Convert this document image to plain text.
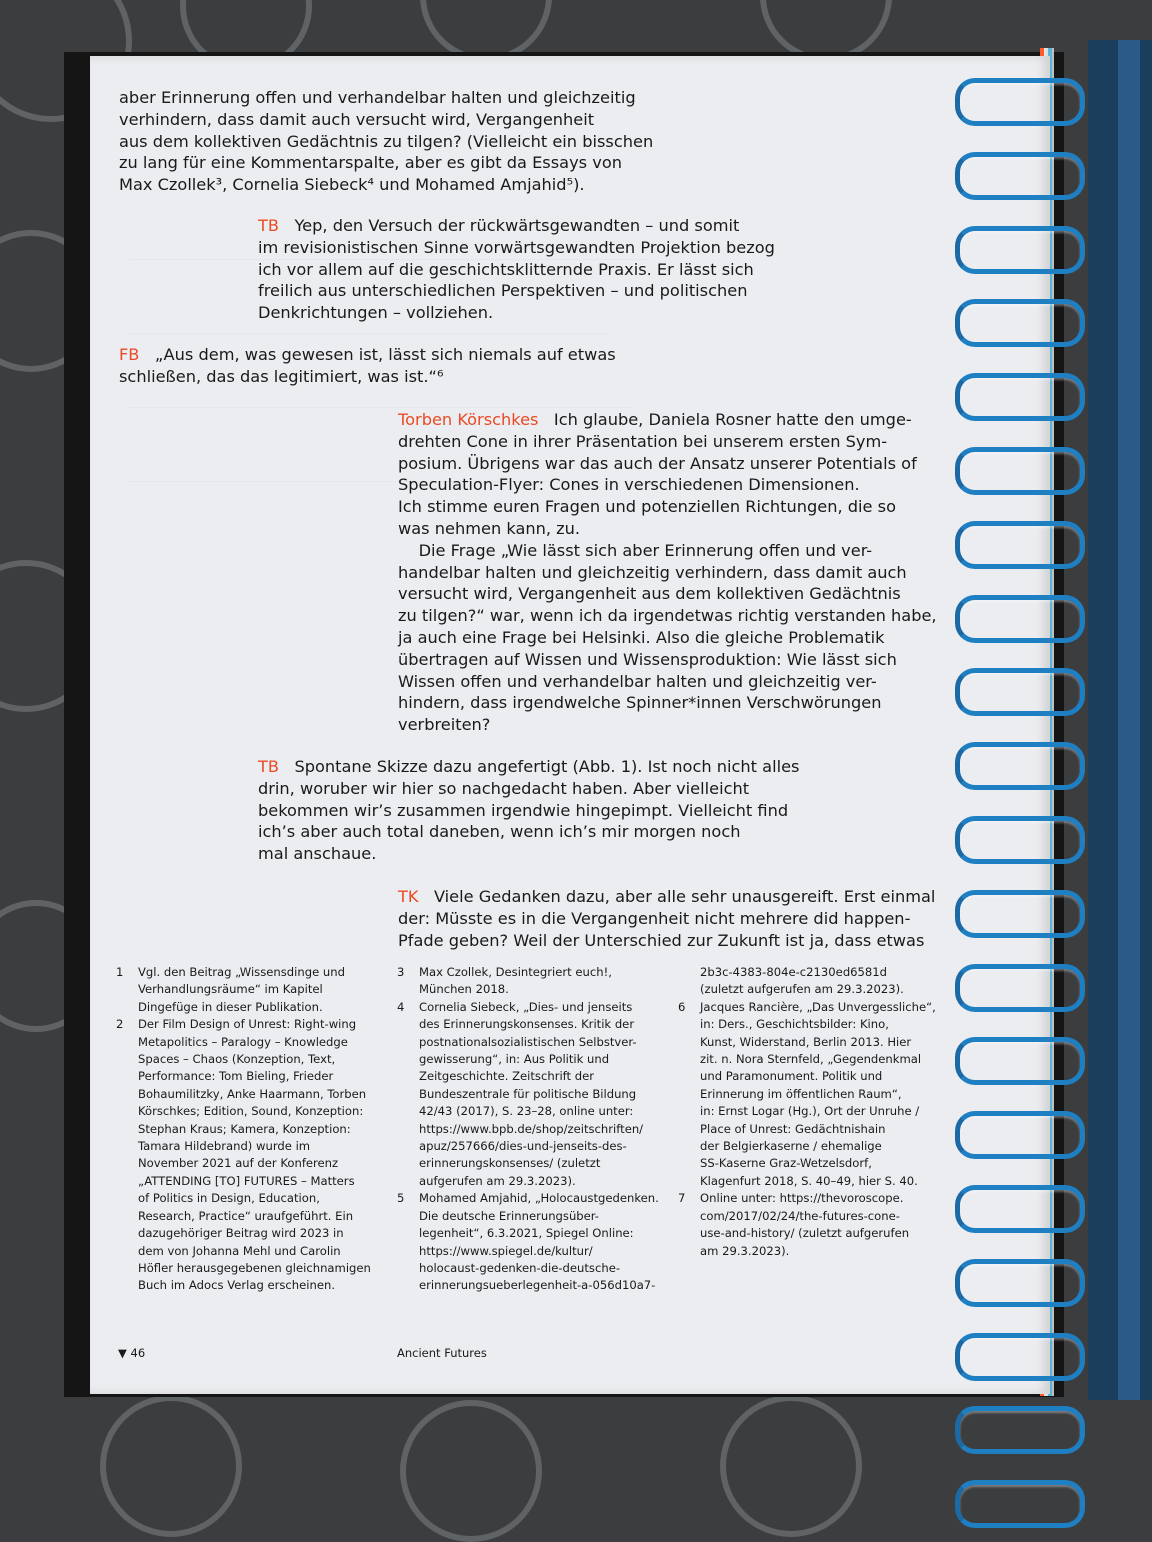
aber Erinnerung offen und verhandelbar halten und gleichzeitig
verhindern, dass damit auch versucht wird, Vergangenheit
aus dem kollektiven Gedächtnis zu tilgen? (Vielleicht ein bisschen
zu lang für eine Kommentarspalte, aber es gibt da Essays von
Max Czollek³, Cornelia Siebeck⁴ und Mohamed Amjahid⁵).
TB Yep, den Versuch der rückwärtsgewandten – und somit
im revisionistischen Sinne vorwärtsgewandten Projektion bezog
ich vor allem auf die geschichtsklitternde Praxis. Er lässt sich
freilich aus unterschiedlichen Perspektiven – und politischen
Denkrichtungen – vollziehen.
FB „Aus dem, was gewesen ist, lässt sich niemals auf etwas
schließen, das das legitimiert, was ist.“⁶
Torben Körschkes Ich glaube, Daniela Rosner hatte den umge-
drehten Cone in ihrer Präsentation bei unserem ersten Sym-
posium. Übrigens war das auch der Ansatz unserer Potentials of
Speculation-Flyer: Cones in verschiedenen Dimensionen.
Ich stimme euren Fragen und potenziellen Richtungen, die so
was nehmen kann, zu.
Die Frage „Wie lässt sich aber Erinnerung offen und ver-
handelbar halten und gleichzeitig verhindern, dass damit auch
versucht wird, Vergangenheit aus dem kollektiven Gedächtnis
zu tilgen?“ war, wenn ich da irgendetwas richtig verstanden habe,
ja auch eine Frage bei Helsinki. Also die gleiche Problematik
übertragen auf Wissen und Wissensproduktion: Wie lässt sich
Wissen offen und verhandelbar halten und gleichzeitig ver-
hindern, dass irgendwelche Spinner*innen Verschwörungen
verbreiten?
TB Spontane Skizze dazu angefertigt (Abb. 1). Ist noch nicht alles
drin, woruber wir hier so nachgedacht haben. Aber vielleicht
bekommen wir’s zusammen irgendwie hingepimpt. Vielleicht find
ich’s aber auch total daneben, wenn ich’s mir morgen noch
mal anschaue.
TK Viele Gedanken dazu, aber alle sehr unausgereift. Erst einmal
der: Müsste es in die Vergangenheit nicht mehrere did happen-
Pfade geben? Weil der Unterschied zur Zukunft ist ja, dass etwas
1 Vgl. den Beitrag „Wissensdinge und
Verhandlungsräume“ im Kapitel
Dingefüge in dieser Publikation.
2 Der Film Design of Unrest: Right-wing
Metapolitics – Paralogy – Knowledge
Spaces – Chaos (Konzeption, Text,
Performance: Tom Bieling, Frieder
Bohaumilitzky, Anke Haarmann, Torben
Körschkes; Edition, Sound, Konzeption:
Stephan Kraus; Kamera, Konzeption:
Tamara Hildebrand) wurde im
November 2021 auf der Konferenz
„ATTENDING [TO] FUTURES – Matters
of Politics in Design, Education,
Research, Practice“ uraufgeführt. Ein
dazugehöriger Beitrag wird 2023 in
dem von Johanna Mehl und Carolin
Höfler herausgegebenen gleichnamigen
Buch im Adocs Verlag erscheinen.
3 Max Czollek, Desintegriert euch!,
München 2018.
4 Cornelia Siebeck, „Dies- und jenseits
des Erinnerungskonsenses. Kritik der
postnationalsozialistischen Selbstver-
gewisserung“, in: Aus Politik und
Zeitgeschichte. Zeitschrift der
Bundeszentrale für politische Bildung
42/43 (2017), S. 23–28, online unter:
https://www.bpb.de/shop/zeitschriften/
apuz/257666/dies-und-jenseits-des-
erinnerungskonsenses/ (zuletzt
aufgerufen am 29.3.2023).
5 Mohamed Amjahid, „Holocaustgedenken.
Die deutsche Erinnerungsüber-
legenheit“, 6.3.2021, Spiegel Online:
https://www.spiegel.de/kultur/
holocaust-gedenken-die-deutsche-
erinnerungsueberlegenheit-a-056d10a7-
2b3c-4383-804e-c2130ed6581d
(zuletzt aufgerufen am 29.3.2023).
6 Jacques Rancière, „Das Unvergessliche“,
in: Ders., Geschichtsbilder: Kino,
Kunst, Widerstand, Berlin 2013. Hier
zit. n. Nora Sternfeld, „Gegendenkmal
und Paramonument. Politik und
Erinnerung im öffentlichen Raum“,
in: Ernst Logar (Hg.), Ort der Unruhe /
Place of Unrest: Gedächtnishain
der Belgierkaserne / ehemalige
SS-Kaserne Graz-Wetzelsdorf,
Klagenfurt 2018, S. 40–49, hier S. 40.
7 Online unter: https://thevoroscope.
com/2017/02/24/the-futures-cone-
use-and-history/ (zuletzt aufgerufen
am 29.3.2023).
▼ 46	Ancient Futures
